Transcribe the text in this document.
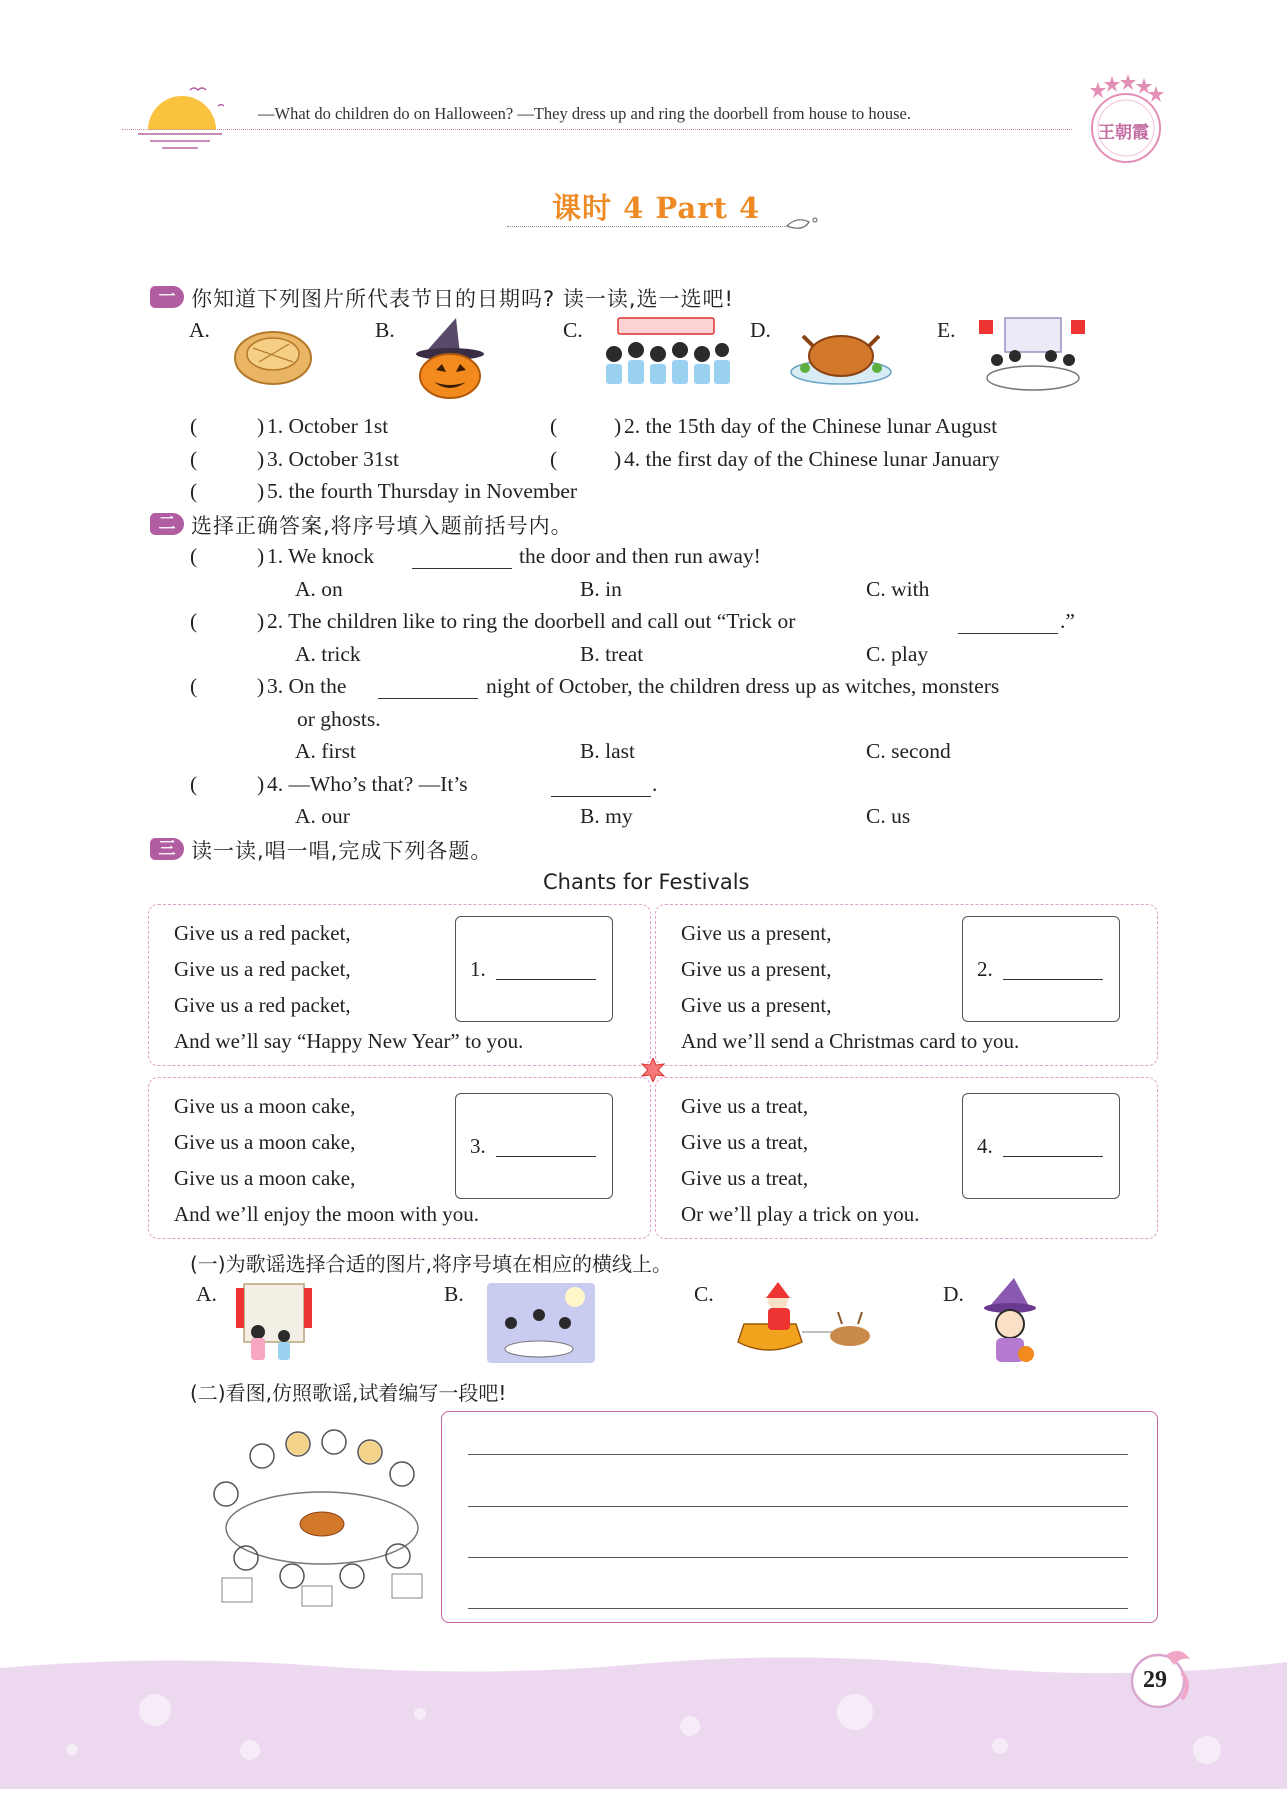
—What do children do on Halloween? —They dress up and ring the doorbell from house to house.
王朝霞
课时 4 Part 4
一 你知道下列图片所代表节日的日期吗? 读一读,选一选吧!
A.	B.	C.	D.	E.
(	) 1. October 1st	(	) 2. the 15th day of the Chinese lunar August
(	) 3. October 31st	(	) 4. the first day of the Chinese lunar January
(	) 5. the fourth Thursday in November
二 选择正确答案,将序号填入题前括号内。
(	) 1. We knock	the door and then run away!
A. on	B. in	C. with
(	) 2. The children like to ring the doorbell and call out “Trick or	.”
A. trick	B. treat	C. play
(	) 3. On the	night of October, the children dress up as witches, monsters
or ghosts.
A. first	B. last	C. second
(	) 4. —Who’s that? —It’s	.
A. our	B. my	C. us
三 读一读,唱一唱,完成下列各题。
Chants for Festivals
Give us a red packet,
Give us a red packet,
Give us a red packet,
And we’ll say “Happy New Year” to you.
1.
Give us a present,
Give us a present,
Give us a present,
And we’ll send a Christmas card to you.
2.
Give us a moon cake,
Give us a moon cake,
Give us a moon cake,
And we’ll enjoy the moon with you.
3.
Give us a treat,
Give us a treat,
Give us a treat,
Or we’ll play a trick on you.
4.
(一)为歌谣选择合适的图片,将序号填在相应的横线上。
A.	B.	C.	D.
(二)看图,仿照歌谣,试着编写一段吧!
29
